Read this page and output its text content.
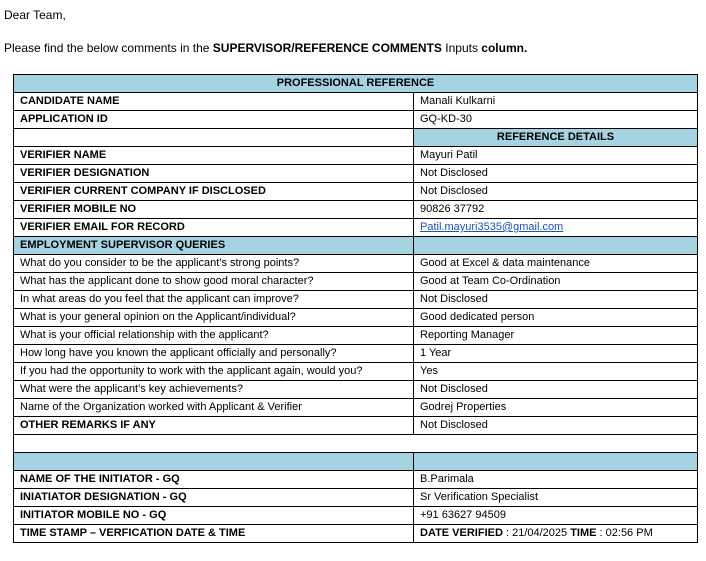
Dear Team,
Please find the below comments in the SUPERVISOR/REFERENCE COMMENTS Inputs column.
PROFESSIONAL REFERENCE	
CANDIDATE NAME	Manali Kulkarni
APPLICATION ID	GQ-KD-30
	REFERENCE DETAILS
VERIFIER NAME	Mayuri Patil
VERIFIER DESIGNATION	Not Disclosed
VERIFIER CURRENT COMPANY IF DISCLOSED	Not Disclosed
VERIFIER MOBILE NO	90826 37792
VERIFIER EMAIL FOR RECORD	Patil.mayuri3535@gmail.com
EMPLOYMENT SUPERVISOR QUERIES	
What do you consider to be the applicant's strong points?	Good at Excel & data maintenance
What has the applicant done to show good moral character?	Good at Team Co-Ordination
In what areas do you feel that the applicant can improve?	Not Disclosed
What is your general opinion on the Applicant/individual?	Good dedicated person
What is your official relationship with the applicant?	Reporting Manager
How long have you known the applicant officially and personally?	1 Year
If you had the opportunity to work with the applicant again, would you?	Yes
What were the applicant’s key achievements?	Not Disclosed
Name of the Organization worked with Applicant & Verifier	Godrej Properties
OTHER REMARKS IF ANY	Not Disclosed

NAME OF THE INITIATOR - GQ	B.Parimala
INIATIATOR DESIGNATION - GQ	Sr Verification Specialist
INITIATOR MOBILE NO - GQ	+91 63627 94509
TIME STAMP – VERFICATION DATE & TIME	DATE VERIFIED : 21/04/2025 TIME : 02:56 PM
